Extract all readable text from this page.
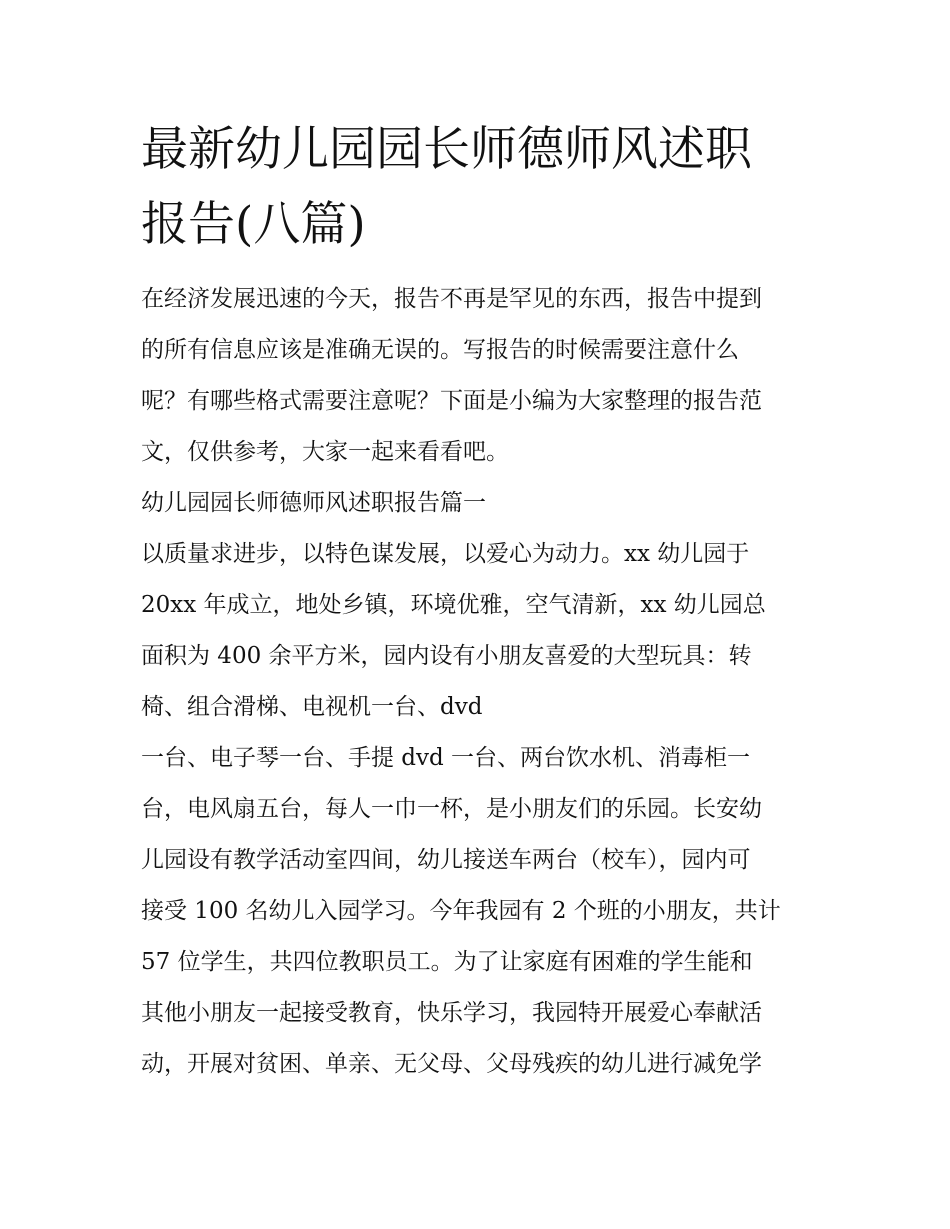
最新幼儿园园长师德师风述职
报告(八篇)
在经济发展迅速的今天，报告不再是罕见的东西，报告中提到
的所有信息应该是准确无误的。写报告的时候需要注意什么
呢？有哪些格式需要注意呢？下面是小编为大家整理的报告范
文，仅供参考，大家一起来看看吧。
幼儿园园长师德师风述职报告篇一
以质量求进步，以特色谋发展，以爱心为动力。xx 幼儿园于
20xx 年成立，地处乡镇，环境优雅，空气清新，xx 幼儿园总
面积为 400 余平方米，园内设有小朋友喜爱的大型玩具：转
椅、组合滑梯、电视机一台、dvd
一台、电子琴一台、手提 dvd 一台、两台饮水机、消毒柜一
台，电风扇五台，每人一巾一杯，是小朋友们的乐园。长安幼
儿园设有教学活动室四间，幼儿接送车两台（校车），园内可
接受 100 名幼儿入园学习。今年我园有 2 个班的小朋友，共计
57 位学生，共四位教职员工。为了让家庭有困难的学生能和
其他小朋友一起接受教育，快乐学习，我园特开展爱心奉献活
动，开展对贫困、单亲、无父母、父母残疾的幼儿进行减免学
